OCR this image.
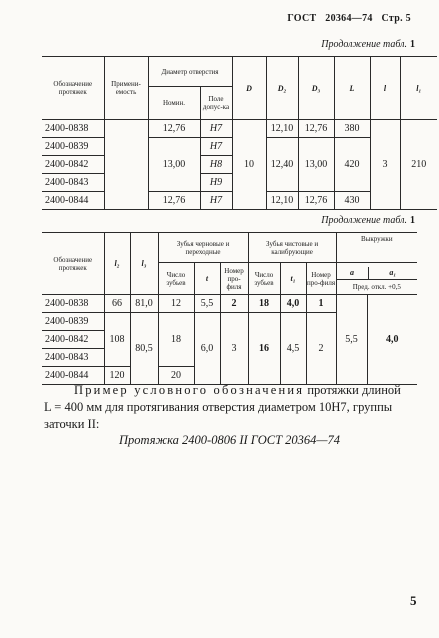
ГОСТ 20364—74 Стр. 5
Продолжение табл. 1
Обозначение протяжек	Примени-емость	Диаметр отверстия		D	D₂	D₃	L	l	l₁
		Номин.	Поле допус-ка						
2400-0838		12,76	H7	10	12,10	12,76	380	3	210
2400-0839		13,00	H7		12,40	13,00	420		
2400-0842			H8						
2400-0843			H9						
2400-0844		12,76	H7		12,10	12,76	430		
Продолжение табл. 1
Обозначение протяжек	l₂	l₃	Зубья черновые и переходные			Зубья чистовые и калибрующие			Выкружки	

			Число зубьев	t	Номер про-филя	Число зубьев	t₁	Номер про-филя	a a₁
Пред. откл. +0,5	

2400-0838	66	81,0	12	5,5	2	18	4,0	1	5,5	4,0
2400-0839	108	80,5	18	6,0	3	16	4,5	2		
2400-0842										
2400-0843										
2400-0844	120		20							
Пример условного обозначения протяжки длиной
L = 400 мм для протягивания отверстия диаметром 10H7, группы
заточки II:
Протяжка 2400-0806 II ГОСТ 20364—74
5
